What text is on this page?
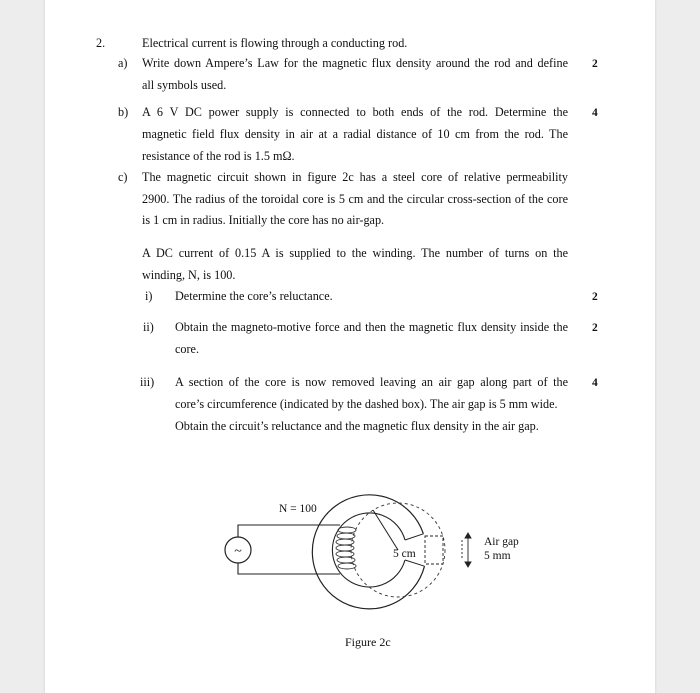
2.	Electrical current is flowing through a conducting rod.
a) Write down Ampere’s Law for the magnetic flux density around the rod and define
all symbols used.
2
b) A 6 V DC power supply is connected to both ends of the rod. Determine the
magnetic field flux density in air at a radial distance of 10 cm from the rod. The
resistance of the rod is 1.5 mΩ.
4
c) The magnetic circuit shown in figure 2c has a steel core of relative permeability
2900. The radius of the toroidal core is 5 cm and the circular cross-section of the core
is 1 cm in radius. Initially the core has no air-gap.
A DC current of 0.15 A is supplied to the winding. The number of turns on the
winding, N, is 100.
i) Determine the core’s reluctance.	2
ii) Obtain the magneto-motive force and then the magnetic flux density inside the
core.
2
iii) A section of the core is now removed leaving an air gap along part of the
core’s circumference (indicated by the dashed box). The air gap is 5 mm wide.
Obtain the circuit’s reluctance and the magnetic flux density in the air gap.
4
~	5 cm
N = 100
Air gap
5 mm
Figure 2c
